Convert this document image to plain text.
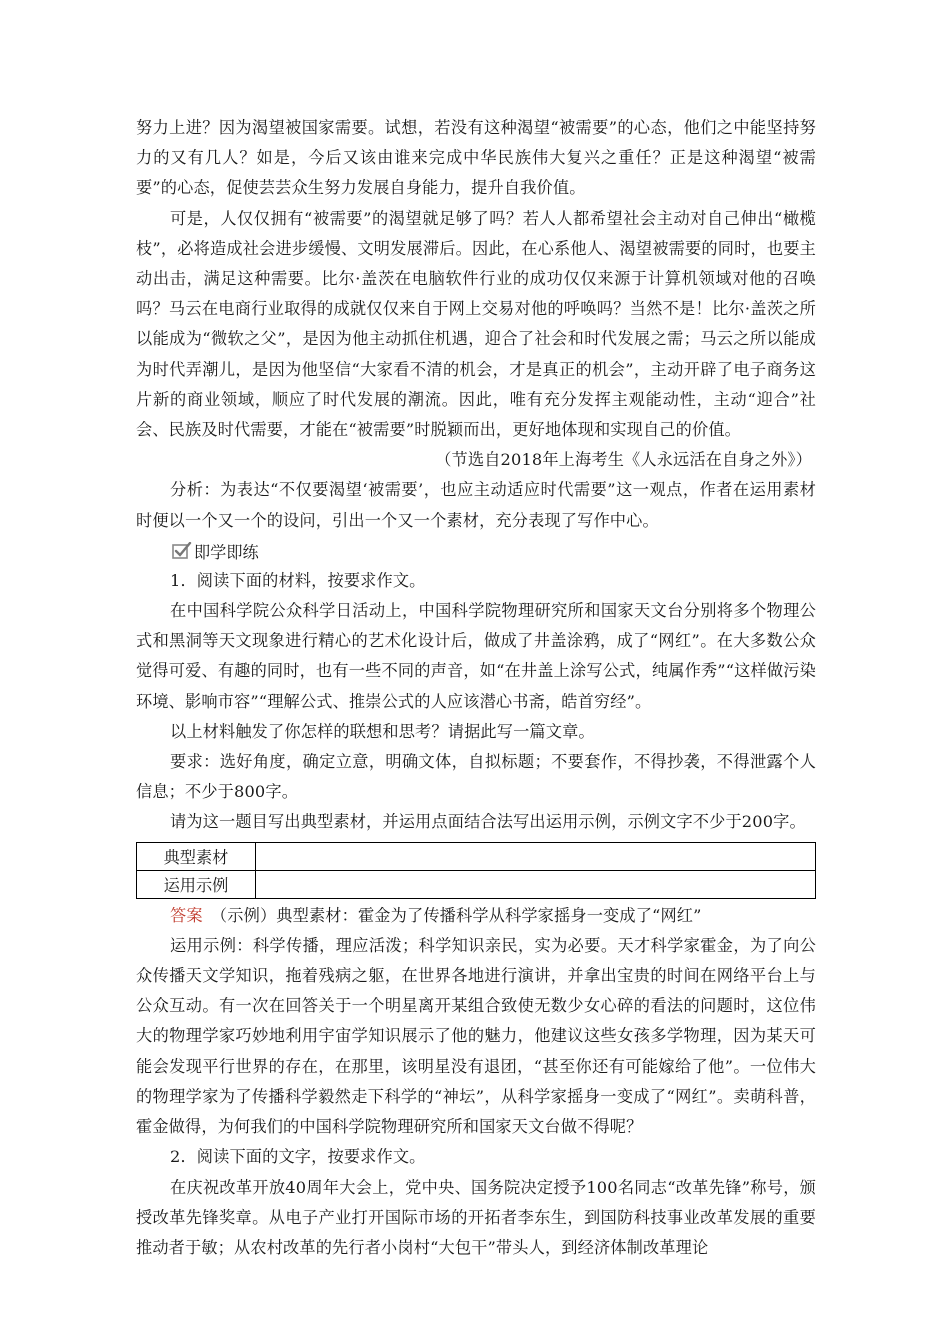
努力上进？因为渴望被国家需要。试想，若没有这种渴望“被需要”的心态，他们之中能坚持努力的又有几人？如是，今后又该由谁来完成中华民族伟大复兴之重任？正是这种渴望“被需要”的心态，促使芸芸众生努力发展自身能力，提升自我价值。

可是，人仅仅拥有“被需要”的渴望就足够了吗？若人人都希望社会主动对自己伸出“橄榄枝”，必将造成社会进步缓慢、文明发展滞后。因此，在心系他人、渴望被需要的同时，也要主动出击，满足这种需要。比尔·盖茨在电脑软件行业的成功仅仅来源于计算机领域对他的召唤吗？马云在电商行业取得的成就仅仅来自于网上交易对他的呼唤吗？当然不是！比尔·盖茨之所以能成为“微软之父”，是因为他主动抓住机遇，迎合了社会和时代发展之需；马云之所以能成为时代弄潮儿，是因为他坚信“大家看不清的机会，才是真正的机会”，主动开辟了电子商务这片新的商业领域，顺应了时代发展的潮流。因此，唯有充分发挥主观能动性，主动“迎合”社会、民族及时代需要，才能在“被需要”时脱颖而出，更好地体现和实现自己的价值。

（节选自2018年上海考生《人永远活在自身之外》）

分析：为表达“不仅要渴望‘被需要’，也应主动适应时代需要”这一观点，作者在运用素材时便以一个又一个的设问，引出一个又一个素材，充分表现了写作中心。

即学即练

1．阅读下面的材料，按要求作文。

在中国科学院公众科学日活动上，中国科学院物理研究所和国家天文台分别将多个物理公式和黑洞等天文现象进行精心的艺术化设计后，做成了井盖涂鸦，成了“网红”。在大多数公众觉得可爱、有趣的同时，也有一些不同的声音，如“在井盖上涂写公式，纯属作秀”“这样做污染环境、影响市容”“理解公式、推崇公式的人应该潜心书斋，皓首穷经”。

以上材料触发了你怎样的联想和思考？请据此写一篇文章。

要求：选好角度，确定立意，明确文体，自拟标题；不要套作，不得抄袭，不得泄露个人信息；不少于800字。

请为这一题目写出典型素材，并运用点面结合法写出运用示例，示例文字不少于200字。

典型素材	
运用示例	

答案　 （示例）典型素材：霍金为了传播科学从科学家摇身一变成了“网红”

运用示例：科学传播，理应活泼；科学知识亲民，实为必要。天才科学家霍金，为了向公众传播天文学知识，拖着残病之躯，在世界各地进行演讲，并拿出宝贵的时间在网络平台上与公众互动。有一次在回答关于一个明星离开某组合致使无数少女心碎的看法的问题时，这位伟大的物理学家巧妙地利用宇宙学知识展示了他的魅力，他建议这些女孩多学物理，因为某天可能会发现平行世界的存在，在那里，该明星没有退团，“甚至你还有可能嫁给了他”。一位伟大的物理学家为了传播科学毅然走下科学的“神坛”，从科学家摇身一变成了“网红”。卖萌科普，霍金做得，为何我们的中国科学院物理研究所和国家天文台做不得呢？

2．阅读下面的文字，按要求作文。

在庆祝改革开放40周年大会上，党中央、国务院决定授予100名同志“改革先锋”称号，颁授改革先锋奖章。从电子产业打开国际市场的开拓者李东生，到国防科技事业改革发展的重要推动者于敏；从农村改革的先行者小岗村“大包干”带头人，到经济体制改革理论
